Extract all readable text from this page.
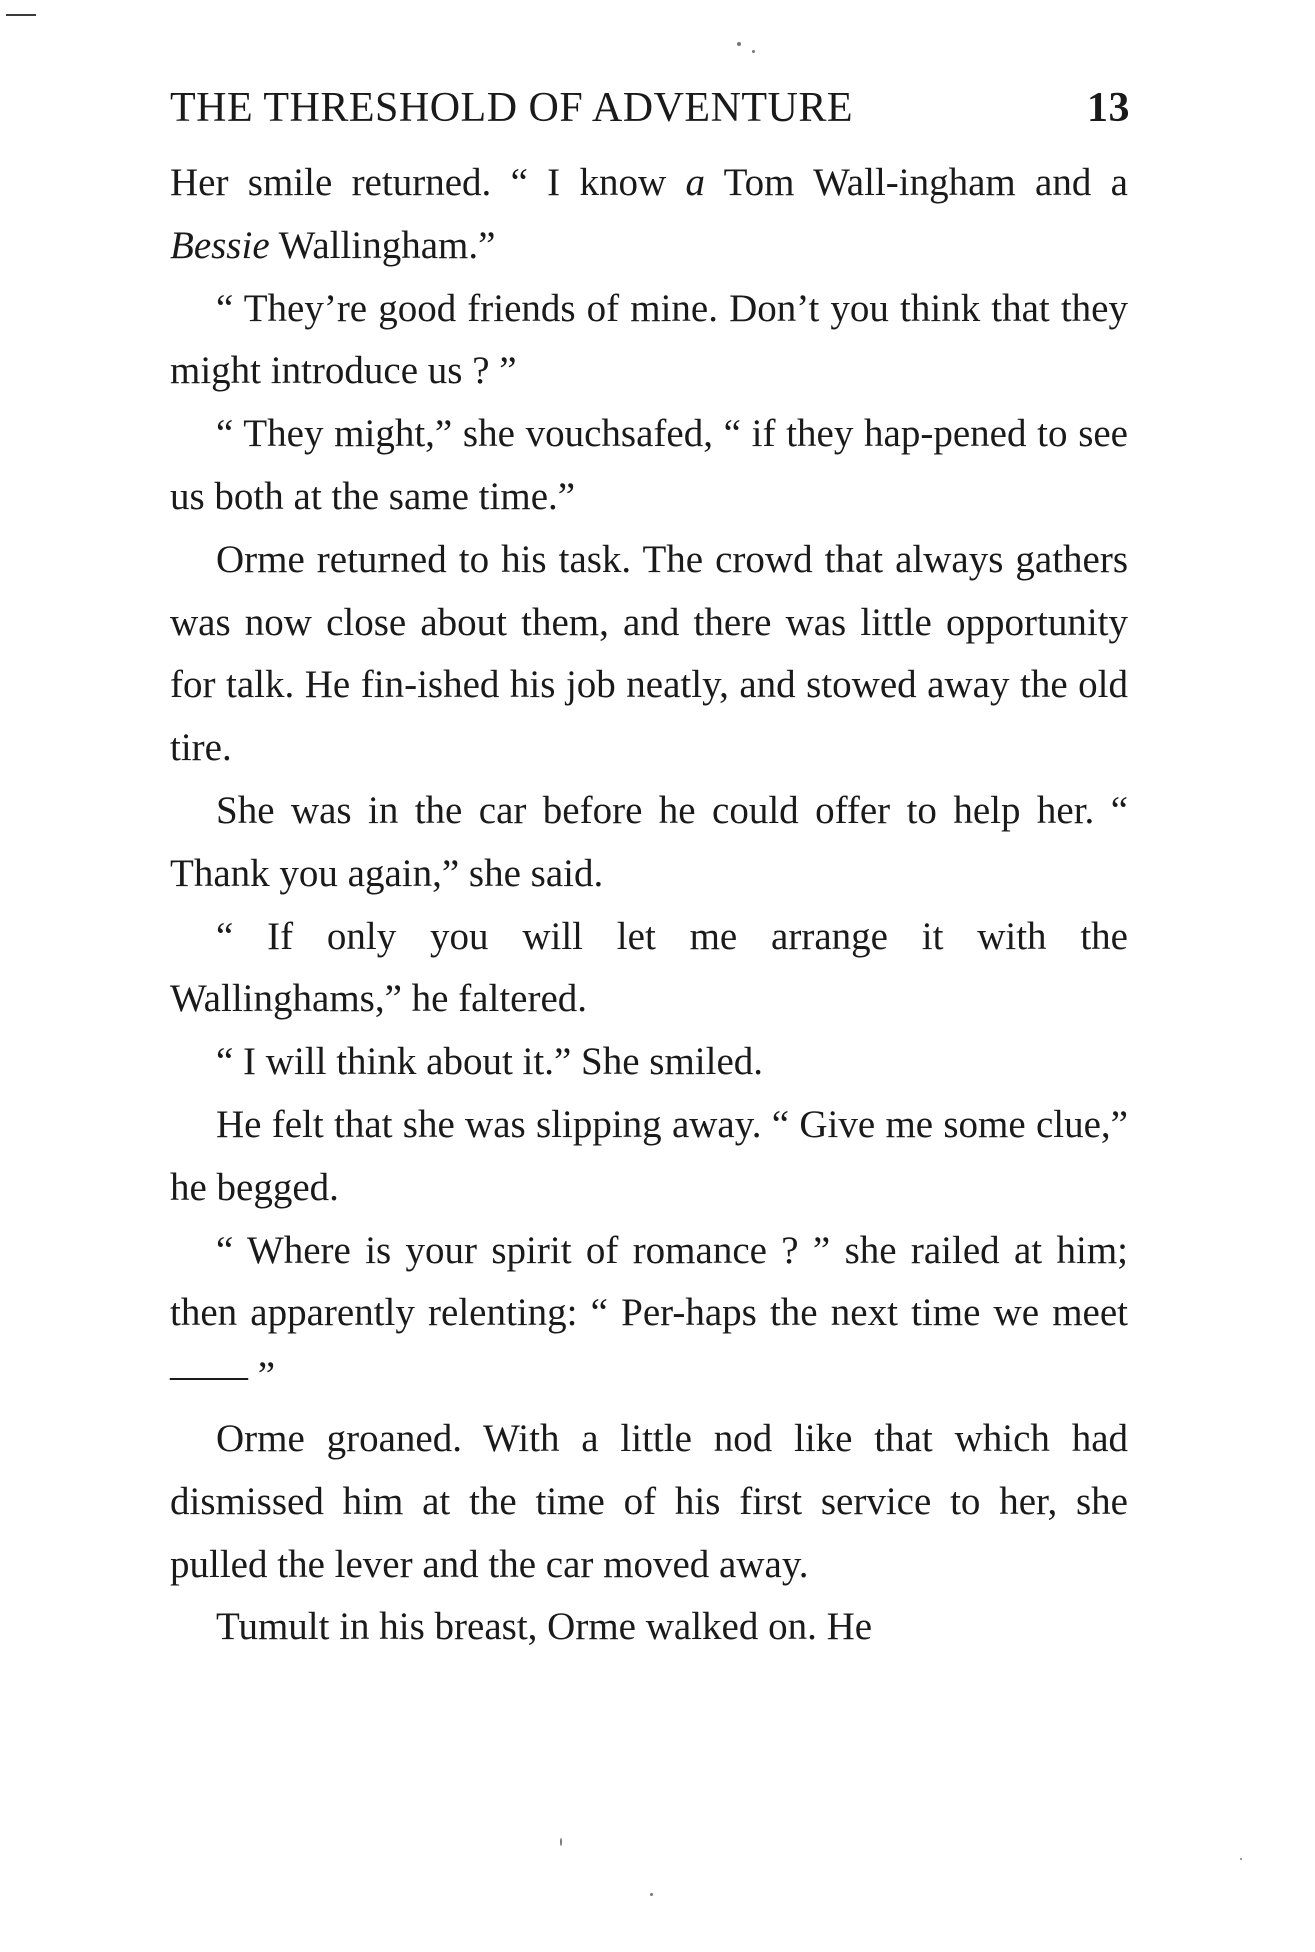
THE THRESHOLD OF ADVENTURE	13

Her smile returned. “ I know a Tom Wall-ingham and a Bessie Wallingham.”

“ They’re good friends of mine. Don’t you think that they might introduce us ? ”

“ They might,” she vouchsafed, “ if they hap-pened to see us both at the same time.”

Orme returned to his task. The crowd that always gathers was now close about them, and there was little opportunity for talk. He fin-ished his job neatly, and stowed away the old tire.

She was in the car before he could offer to help her. “ Thank you again,” she said.

“ If only you will let me arrange it with the Wallinghams,” he faltered.

“ I will think about it.” She smiled.

He felt that she was slipping away. “ Give me some clue,” he begged.

“ Where is your spirit of romance ? ” she railed at him; then apparently relenting: “ Per-haps the next time we meet—— ”

Orme groaned. With a little nod like that which had dismissed him at the time of his first service to her, she pulled the lever and the car moved away.

Tumult in his breast, Orme walked on. He
